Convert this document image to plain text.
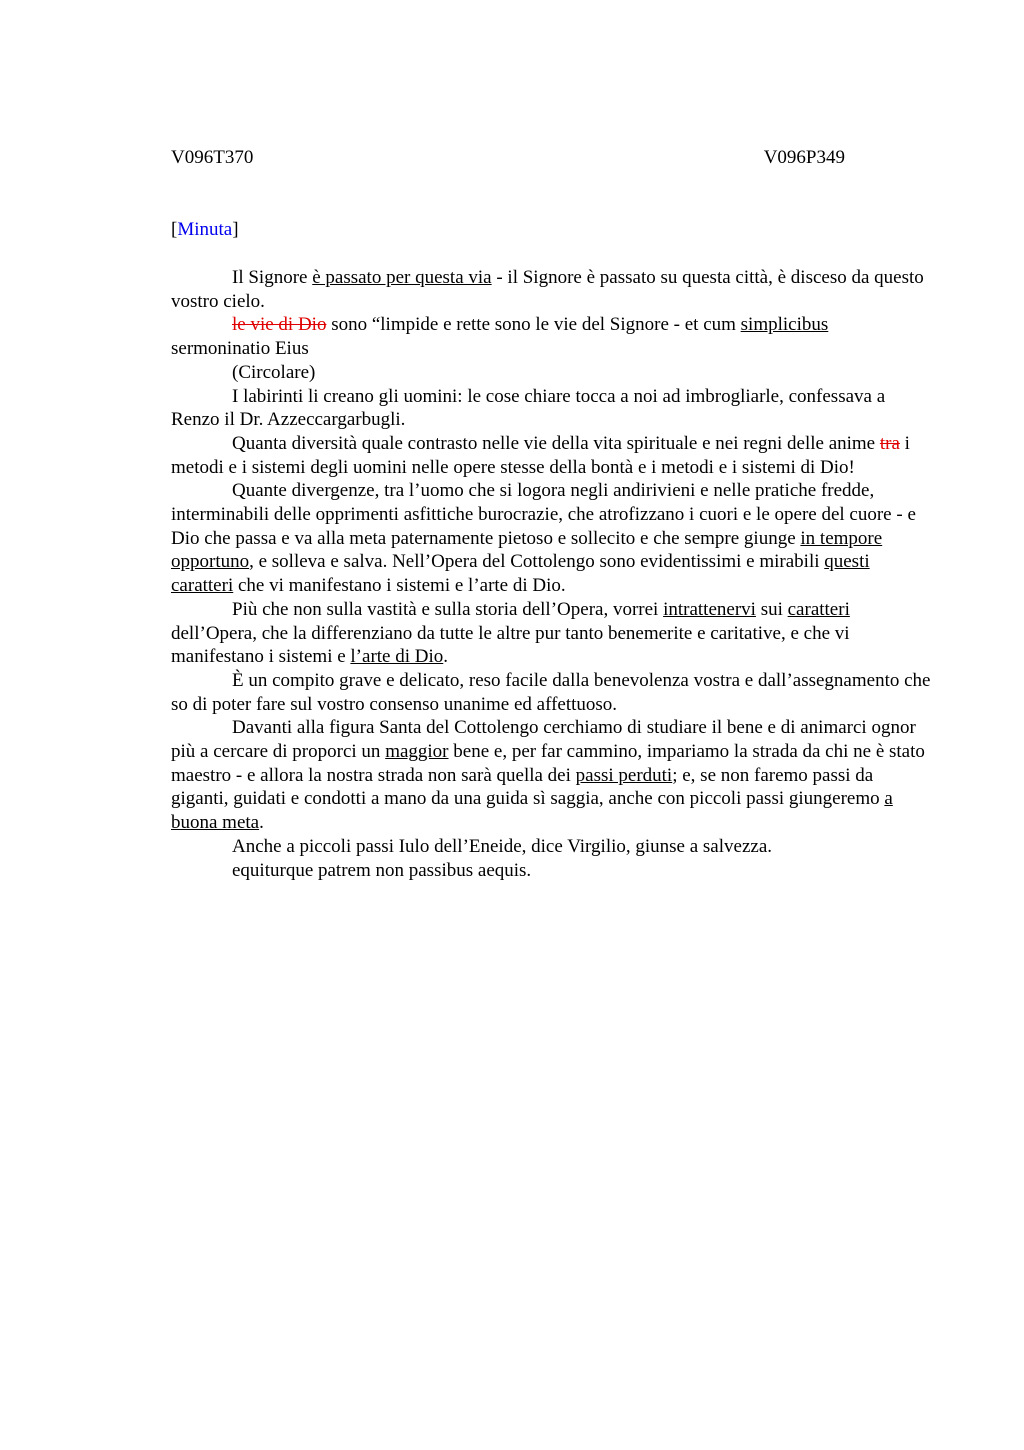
V096T370	V096P349
[Minuta]

Il Signore è passato per questa via - il Signore è passato su questa città, è disceso da questo vostro cielo.

le vie di Dio sono “limpide e rette sono le vie del Signore - et cum simplicibus sermoninatio Eius

(Circolare)

I labirinti li creano gli uomini: le cose chiare tocca a noi ad imbrogliarle, confessava a Renzo il Dr. Azzeccargarbugli.

Quanta diversità quale contrasto nelle vie della vita spirituale e nei regni delle anime tra i metodi e i sistemi degli uomini nelle opere stesse della bontà e i metodi e i sistemi di Dio!

Quante divergenze, tra l’uomo che si logora negli andirivieni e nelle pratiche fredde, interminabili delle opprimenti asfittiche burocrazie, che atrofizzano i cuori e le opere del cuore - e Dio che passa e va alla meta paternamente pietoso e sollecito e che sempre giunge in tempore opportuno, e solleva e salva. Nell’Opera del Cottolengo sono evidentissimi e mirabili questi caratteri che vi manifestano i sistemi e l’arte di Dio.

Più che non sulla vastità e sulla storia dell’Opera, vorrei intrattenervi sui caratteri dell’Opera, che la differenziano da tutte le altre pur tanto benemerite e caritative, e che vi manifestano i sistemi e l’arte di Dio.

È un compito grave e delicato, reso facile dalla benevolenza vostra e dall’assegnamento che so di poter fare sul vostro consenso unanime ed affettuoso.

Davanti alla figura Santa del Cottolengo cerchiamo di studiare il bene e di animarci ognor più a cercare di proporci un maggior bene e, per far cammino, impariamo la strada da chi ne è stato maestro - e allora la nostra strada non sarà quella dei passi perduti; e, se non faremo passi da giganti, guidati e condotti a mano da una guida sì saggia, anche con piccoli passi giungeremo a buona meta.

Anche a piccoli passi Iulo dell’Eneide, dice Virgilio, giunse a salvezza.

equiturque patrem non passibus aequis.
